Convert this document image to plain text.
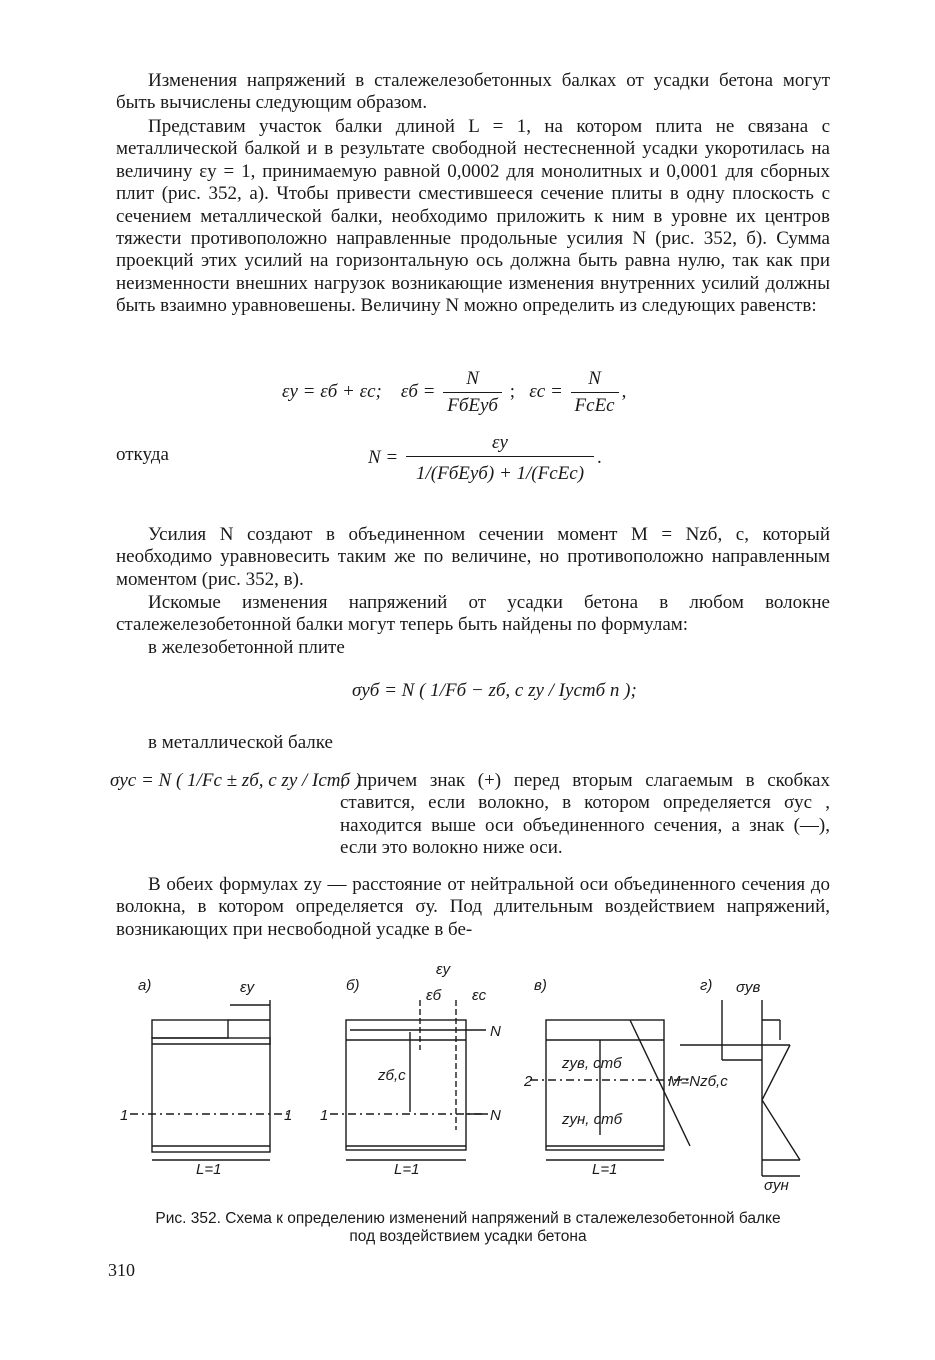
Изменения напряжений в сталежелезобетонных балках от усадки бетона могут быть вычислены следующим образом.

Представим участок балки длиной L = 1, на котором плита не связана с металлической балкой и в результате свободной нестесненной усадки укоротилась на величину εу = 1, принимаемую равной 0,0002 для монолитных и 0,0001 для сборных плит (рис. 352, а). Чтобы привести сместившееся сечение плиты в одну плоскость с сечением металлической балки, необходимо приложить к ним в уровне их центров тяжести противоположно направленные продольные усилия N (рис. 352, б). Сумма проекций этих усилий на горизонтальную ось должна быть равна нулю, так как при неизменности внешних нагрузок возникающие изменения внутренних усилий должны быть взаимно уравновешены. Величину N можно определить из следующих равенств:

εу = εб + εс; $\varepsilon б = \frac{N}{\text{FбEуб}}$ ;   $\varepsilon с = \frac{N}{\text{FсEс}}$ ,
откуда	$N = \frac{\varepsilon у}{\text{1/(FбEуб) + 1/(FсEс)}}$ .

Усилия N создают в объединенном сечении момент M = Nzб, с, который необходимо уравновесить таким же по величине, но противоположно направленным моментом (рис. 352, в).

Искомые изменения напряжений от усадки бетона в любом волокне сталежелезобетонной балки могут теперь быть найдены по формулам:

в железобетонной плите

σуб = N ( 1/Fб − zб, с zу / Iустб n );

в металлической балке

σус = N ( 1/Fс ± zб, с zу / Iстб )

, причем знак (+) перед вторым слагаемым в скобках ставится, если волокно, в котором определяется σус , находится выше оси объединенного сечения, а знак (—), если это волокно ниже оси.

В обеих формулах zу — расстояние от нейтральной оси объединенного сечения до волокна, в котором определяется σу. Под длительным воздействием напряжений, возникающих при несвободной усадке в бе-

а)	εу
1	1
L=1
б)
εу
εб εс
N
N
zб,с
1
L=1
в)
zув, стб
zун, стб
2	M=Nzб,с
L=1
г) σув
σун
Рис. 352. Схема к определению изменений напряжений в сталежелезобетонной балке
под воздействием усадки бетона
310
